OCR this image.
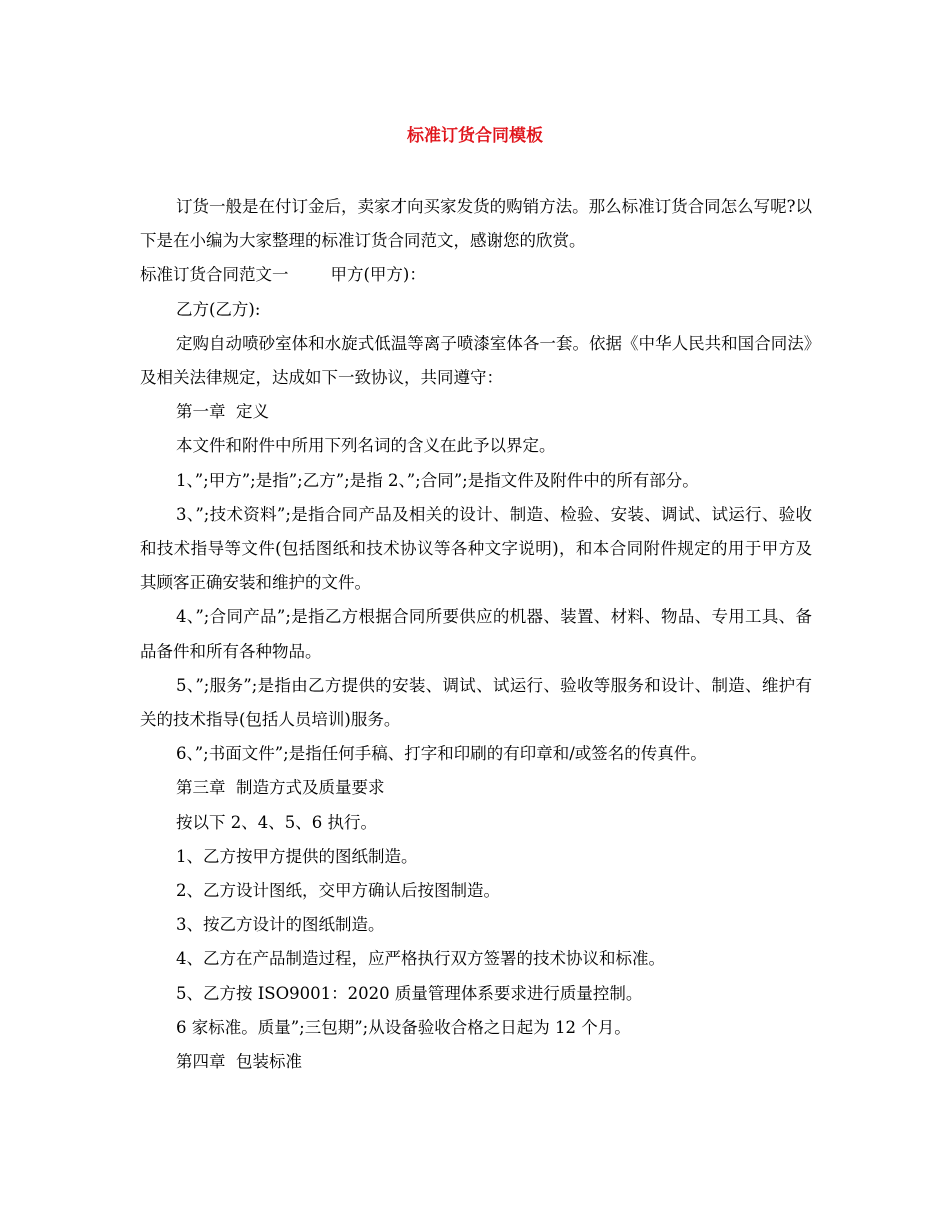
标准订货合同模板

订货一般是在付订金后，卖家才向买家发货的购销方法。那么标准订货合同怎么写呢?以下是在小编为大家整理的标准订货合同范文，感谢您的欣赏。

标准订货合同范文一        甲方(甲方)：

乙方(乙方):

定购自动喷砂室体和水旋式低温等离子喷漆室体各一套。依据《中华人民共和国合同法》及相关法律规定，达成如下一致协议，共同遵守：

第一章  定义

本文件和附件中所用下列名词的含义在此予以界定。

1、”;甲方”;是指”;乙方”;是指 2、”;合同”;是指文件及附件中的所有部分。

3、”;技术资料”;是指合同产品及相关的设计、制造、检验、安装、调试、试运行、验收和技术指导等文件(包括图纸和技术协议等各种文字说明)，和本合同附件规定的用于甲方及其顾客正确安装和维护的文件。

4、”;合同产品”;是指乙方根据合同所要供应的机器、装置、材料、物品、专用工具、备品备件和所有各种物品。

5、”;服务”;是指由乙方提供的安装、调试、试运行、验收等服务和设计、制造、维护有关的技术指导(包括人员培训)服务。

6、”;书面文件”;是指任何手稿、打字和印刷的有印章和/或签名的传真件。

第三章  制造方式及质量要求

按以下 2、4、5、6 执行。

1、乙方按甲方提供的图纸制造。

2、乙方设计图纸，交甲方确认后按图制造。

3、按乙方设计的图纸制造。

4、乙方在产品制造过程，应严格执行双方签署的技术协议和标准。

5、乙方按 ISO9001：2020 质量管理体系要求进行质量控制。

6 家标准。质量”;三包期”;从设备验收合格之日起为 12 个月。

第四章  包装标准
